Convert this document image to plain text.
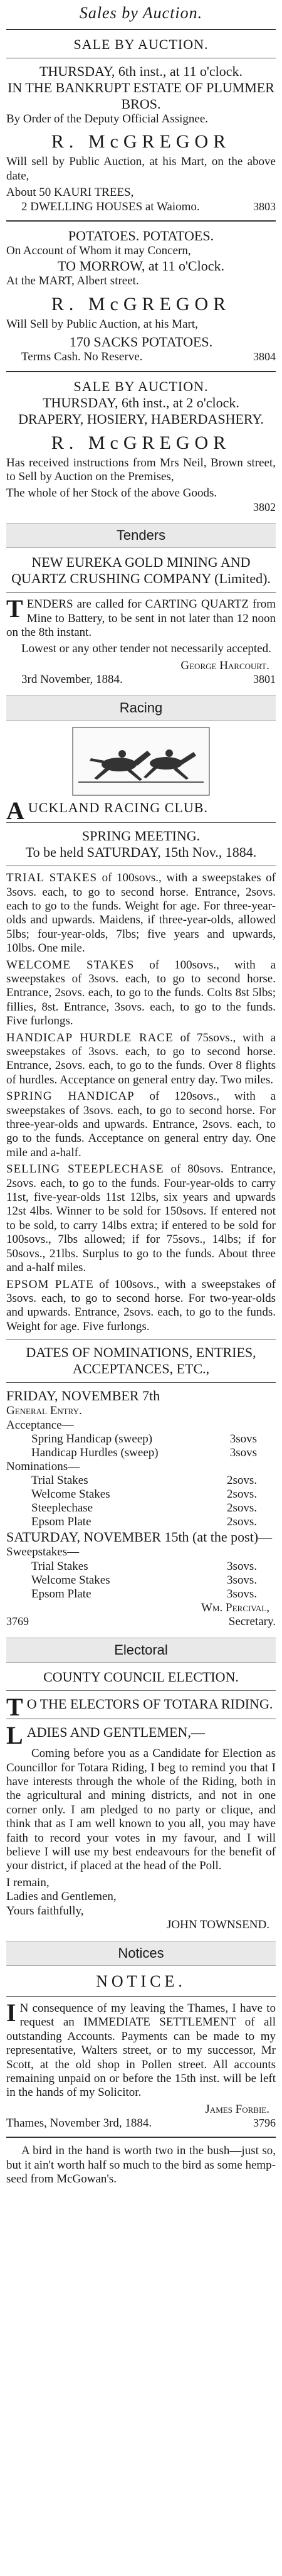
Sales by Auction.
SALE BY AUCTION.
THURSDAY, 6th inst., at 11 o'clock.
IN THE BANKRUPT ESTATE OF PLUMMER BROS.
By Order of the Deputy Official Assignee.
R. McGREGOR

Will sell by Public Auction, at his Mart, on the above date,

About 50 KAURI TREES,
2 DWELLING HOUSES at Waiomo.	3803
POTATOES. POTATOES.
On Account of Whom it may Concern,
TO MORROW, at 11 o'Clock.
At the MART, Albert street.
R. McGREGOR

Will Sell by Public Auction, at his Mart,

170 SACKS POTATOES.
Terms Cash. No Reserve.	3804
SALE BY AUCTION.
THURSDAY, 6th inst., at 2 o'clock.
DRAPERY, HOSIERY, HABERDASHERY.
R. McGREGOR

Has received instructions from Mrs Neil, Brown street, to Sell by Auction on the Premises,

The whole of her Stock of the above Goods.
3802
Tenders
NEW EUREKA GOLD MINING AND QUARTZ CRUSHING COMPANY (Limited).

TENDERS are called for CARTING QUARTZ from Mine to Battery, to be sent in not later than 12 noon on the 8th instant.

Lowest or any other tender not necessarily accepted.

George Harcourt.
3rd November, 1884.	3801
Racing

AUCKLAND RACING CLUB.

SPRING MEETING.
To be held SATURDAY, 15th Nov., 1884.

TRIAL STAKES of 100sovs., with a sweepstakes of 3sovs. each, to go to second horse. Entrance, 2sovs. each to go to the funds. Weight for age. For three-year-olds and upwards. Maidens, if three-year-olds, allowed 5lbs; four-year-olds, 7lbs; five years and upwards, 10lbs. One mile.

WELCOME STAKES of 100sovs., with a sweepstakes of 3sovs. each, to go to second horse. Entrance, 2sovs. each, to go to the funds. Colts 8st 5lbs; fillies, 8st. Entrance, 3sovs. each, to go to the funds. Five furlongs.

HANDICAP HURDLE RACE of 75sovs., with a sweepstakes of 3sovs. each, to go to second horse. Entrance, 2sovs. each, to go to the funds. Over 8 flights of hurdles. Acceptance on general entry day. Two miles.

SPRING HANDICAP of 120sovs., with a sweepstakes of 3sovs. each, to go to second horse. For three-year-olds and upwards. Entrance, 2sovs. each, to go to the funds. Acceptance on general entry day. One mile and a-half.

SELLING STEEPLECHASE of 80sovs. Entrance, 2sovs. each, to go to the funds. Four-year-olds to carry 11st, five-year-olds 11st 12lbs, six years and upwards 12st 4lbs. Winner to be sold for 150sovs. If entered not to be sold, to carry 14lbs extra; if entered to be sold for 100sovs., 7lbs allowed; if for 75sovs., 14lbs; if for 50sovs., 21lbs. Surplus to go to the funds. About three and a-half miles.

EPSOM PLATE of 100sovs., with a sweepstakes of 3sovs. each, to go to second horse. For two-year-olds and upwards. Entrance, 2sovs. each, to go to the funds. Weight for age. Five furlongs.

DATES OF NOMINATIONS, ENTRIES, ACCEPTANCES, ETC.,
FRIDAY, NOVEMBER 7th
General Entry.
Acceptance—
Spring Handicap (sweep)	3sovs
Handicap Hurdles (sweep)	3sovs
Nominations—
Trial Stakes	2sovs.
Welcome Stakes	2sovs.
Steeplechase	2sovs.
Epsom Plate	2sovs.
SATURDAY, NOVEMBER 15th (at the post)—
Sweepstakes—
Trial Stakes	3sovs.
Welcome Stakes	3sovs.
Epsom Plate	3sovs.
Wm. Percival,
3769	Secretary.
Electoral
COUNTY COUNCIL ELECTION.

T O THE ELECTORS OF TOTARA RIDING.

LADIES AND GENTLEMEN,—

Coming before you as a Candidate for Election as Councillor for Totara Riding, I beg to remind you that I have interests through the whole of the Riding, both in the agricultural and mining districts, and not in one corner only. I am pledged to no party or clique, and think that as I am well known to you all, you may have faith to record your votes in my favour, and I will believe I will use my best endeavours for the benefit of your district, if placed at the head of the Poll.

I remain,
Ladies and Gentlemen,
Yours faithfully,
JOHN TOWNSEND.
Notices
NOTICE.

I N consequence of my leaving the Thames, I have to request an IMMEDIATE SETTLEMENT of all outstanding Accounts. Payments can be made to my representative, Walters street, or to my successor, Mr Scott, at the old shop in Pollen street. All accounts remaining unpaid on or before the 15th inst. will be left in the hands of my Solicitor.

James Forbie.
Thames, November 3rd, 1884.	3796

A bird in the hand is worth two in the bush—just so, but it ain't worth half so much to the bird as some hemp-seed from McGowan's.
